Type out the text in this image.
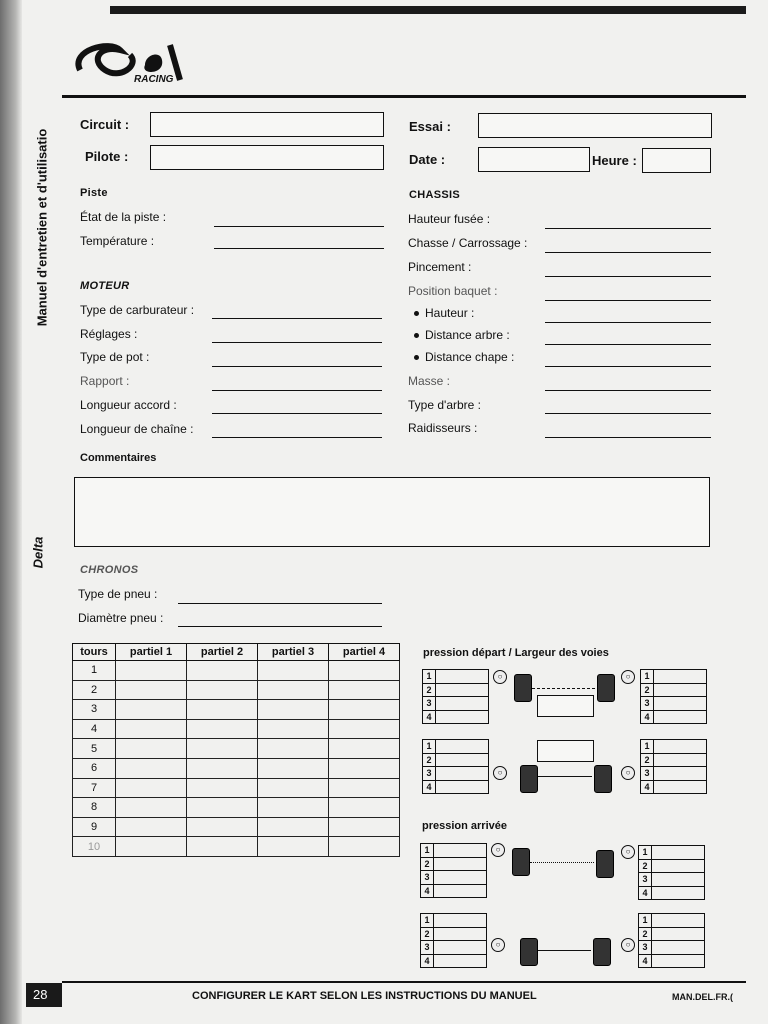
RACING
Manuel d'entretien et d'utilisatio
Delta
Circuit :
Pilote :
Essai :
Date :	Heure :
Piste
État de la piste :
Température :
MOTEUR
Type de carburateur :
Réglages :
Type de pot :
Rapport :
Longueur accord :
Longueur de chaîne :
CHASSIS
Hauteur fusée :
Chasse / Carrossage :
Pincement :
Position baquet :
Hauteur :
Distance arbre :
Distance chape :
Masse :
Type d'arbre :
Raidisseurs :
Commentaires
CHRONOS
Type de pneu :
Diamètre pneu :
tours	partiel 1	partiel 2	partiel 3	partiel 4
1				
2				
3				
4				
5				
6				
7				
8				
9				
10				
pression départ / Largeur des voies
1	
2	
3	
4	
1	
2	
3	
4	
○	○
1	
2	
3	
4	
1	
2	
3	
4	
○	○
pression arrivée
1	
2	
3	
4	
1	
2	
3	
4	
○	○
1	
2	
3	
4	
1	
2	
3	
4	
○	○
28	CONFIGURER LE KART SELON LES INSTRUCTIONS DU MANUEL	MAN.DEL.FR.(
